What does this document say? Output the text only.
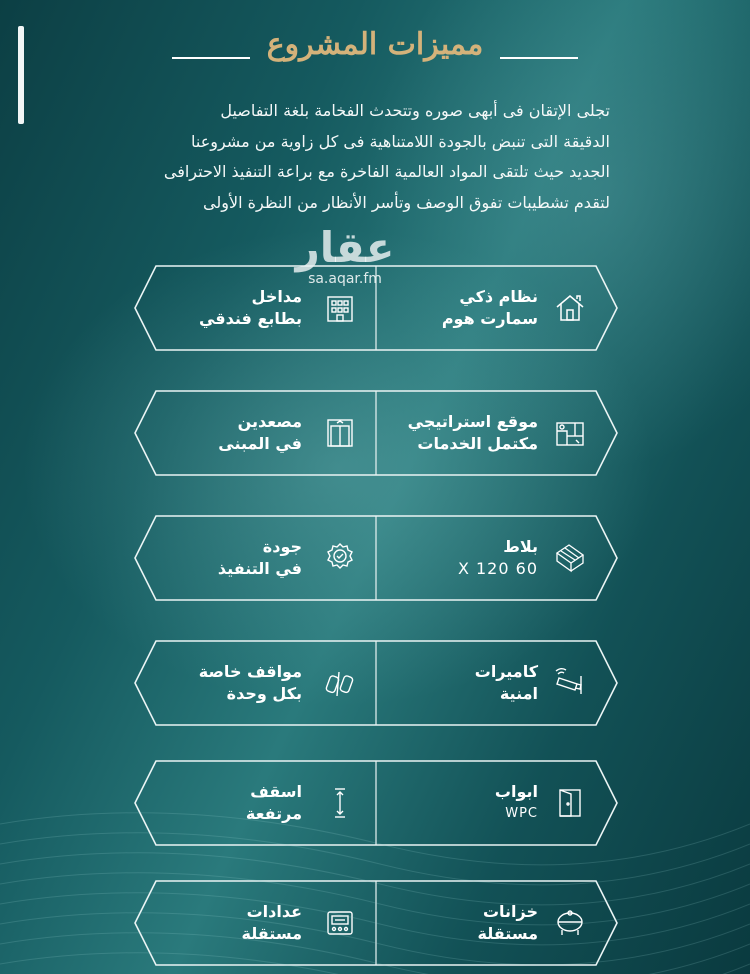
مميزات المشروع

تجلى الإتقان فى أبهى صوره وتتحدث الفخامة بلغة التفاصيل

الدقيقة التى تنبض بالجودة اللامتناهية فى كل زاوية من مشروعنا

الجديد حيث تلتقى المواد العالمية الفاخرة مع براعة التنفيذ الاحترافى

لتقدم تشطيبات تفوق الوصف وتأسر الأنظار من النظرة الأولى

عقار
sa.aqar.fm
نظام ذكي
سمارت هوم
مداخل
بطابع فندقي
موقع استراتيجي
مكتمل الخدمات
مصعدين
في المبنى
بلاط
60 X 120
جودة
في التنفيذ
كاميرات
امنية
مواقف خاصة
بكل وحدة
ابواب
WPC
اسقف
مرتفعة
خزانات
مستقلة
عدادات
مستقلة
